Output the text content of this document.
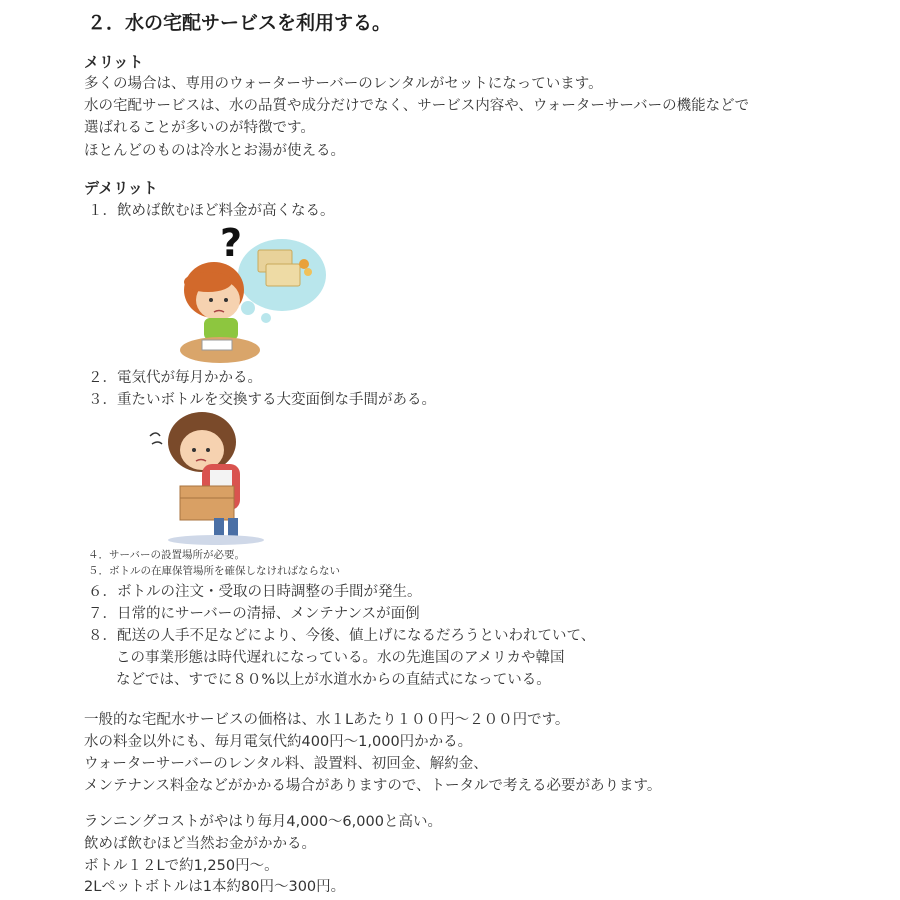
２．水の宅配サービスを利用する。
メリット
多くの場合は、専用のウォーターサーバーのレンタルがセットになっています。
水の宅配サービスは、水の品質や成分だけでなく、サービス内容や、ウォーターサーバーの機能などで
選ばれることが多いのが特徴です。
ほとんどのものは冷水とお湯が使える。
デメリット
１．飲めば飲むほど料金が高くなる。
?
２．電気代が毎月かかる。
３．重たいボトルを交換する大変面倒な手間がある。
４．サーバーの設置場所が必要。
５．ボトルの在庫保管場所を確保しなければならない
６．ボトルの注文・受取の日時調整の手間が発生。
７．日常的にサーバーの清掃、メンテナンスが面倒
８．配送の人手不足などにより、今後、値上げになるだろうといわれていて、
この事業形態は時代遅れになっている。水の先進国のアメリカや韓国
などでは、すでに８０%以上が水道水からの直結式になっている。
一般的な宅配水サービスの価格は、水１Lあたり１００円～２００円です。
水の料金以外にも、毎月電気代約400円～1,000円かかる。
ウォーターサーバーのレンタル料、設置料、初回金、解約金、
メンテナンス料金などがかかる場合がありますので、トータルで考える必要があります。
ランニングコストがやはり毎月4,000～6,000と高い。
飲めば飲むほど当然お金がかかる。
ボトル１２Lで約1,250円～。
2Lペットボトルは1本約80円～300円。
